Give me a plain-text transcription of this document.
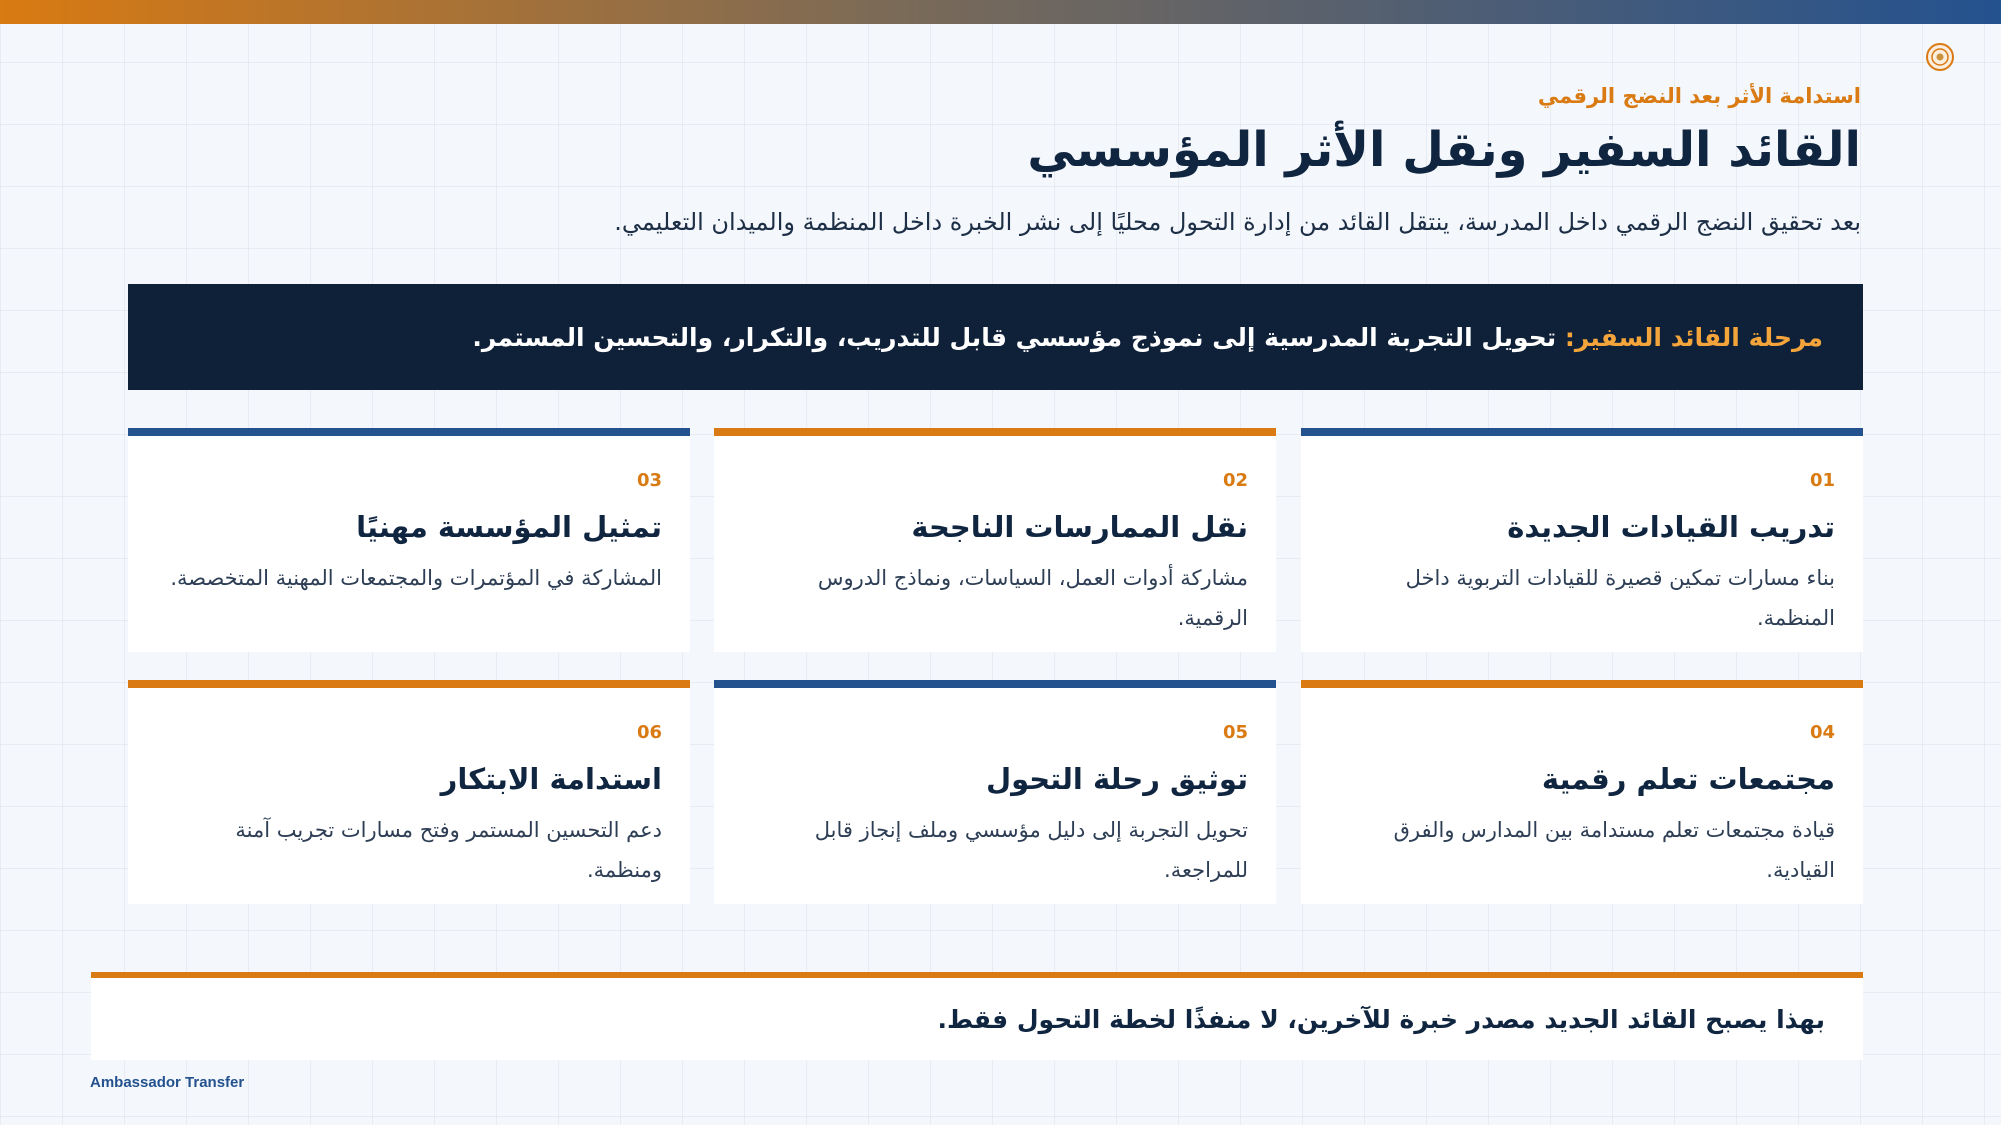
استدامة الأثر بعد النضج الرقمي
القائد السفير ونقل الأثر المؤسسي
بعد تحقيق النضج الرقمي داخل المدرسة، ينتقل القائد من إدارة التحول محليًا إلى نشر الخبرة داخل المنظمة والميدان التعليمي.
مرحلة القائد السفير:

تحويل التجربة المدرسية إلى نموذج مؤسسي قابل للتدريب، والتكرار، والتحسين المستمر.
01
تدريب القيادات الجديدة
بناء مسارات تمكين قصيرة للقيادات التربوية داخل المنظمة.
02
نقل الممارسات الناجحة
مشاركة أدوات العمل، السياسات، ونماذج الدروس الرقمية.
03
تمثيل المؤسسة مهنيًا
المشاركة في المؤتمرات والمجتمعات المهنية المتخصصة.
04
مجتمعات تعلم رقمية
قيادة مجتمعات تعلم مستدامة بين المدارس والفرق القيادية.
05
توثيق رحلة التحول
تحويل التجربة إلى دليل مؤسسي وملف إنجاز قابل للمراجعة.
06
استدامة الابتكار
دعم التحسين المستمر وفتح مسارات تجريب آمنة ومنظمة.
بهذا يصبح القائد الجديد مصدر خبرة للآخرين، لا منفذًا لخطة التحول فقط.
Ambassador Transfer
